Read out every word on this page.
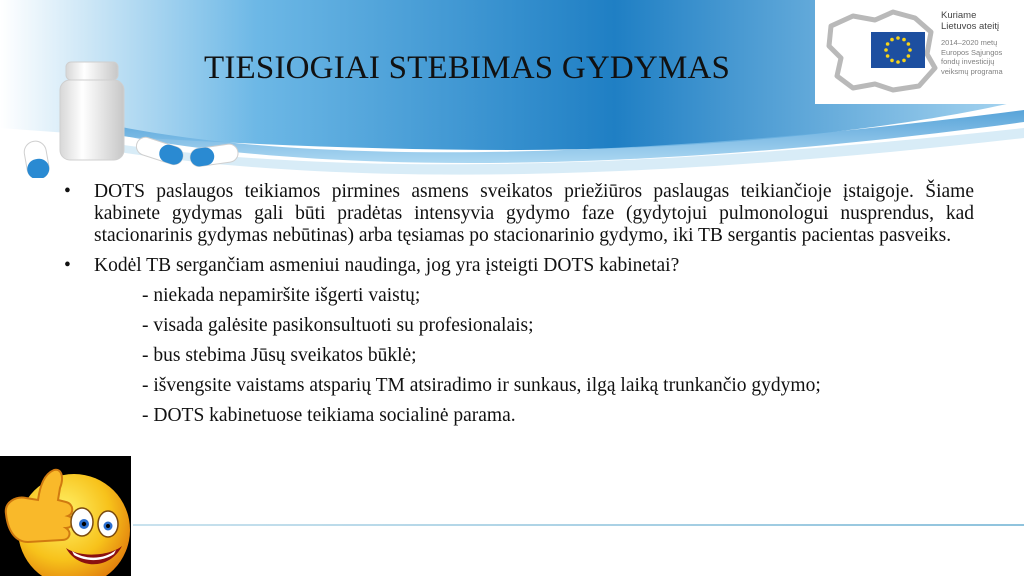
TIESIOGIAI STEBIMAS GYDYMAS
Kuriame
Lietuvos ateitį
2014–2020 metų
Europos Sąjungos
fondų investicijų
veiksmų programa
• DOTS paslaugos teikiamos pirmines asmens sveikatos priežiūros paslaugas teikiančioje įstaigoje. Šiame kabinete gydymas gali būti pradėtas intensyvia gydymo faze (gydytojui pulmonologui nusprendus, kad stacionarinis gydymas nebūtinas) arba tęsiamas po stacionarinio gydymo, iki TB sergantis pacientas pasveiks.
• Kodėl TB sergančiam asmeniui naudinga, jog yra įsteigti DOTS kabinetai?
- niekada nepamiršite išgerti vaistų;
- visada galėsite pasikonsultuoti su profesionalais;
- bus stebima Jūsų sveikatos būklė;
- išvengsite vaistams atsparių TM atsiradimo ir sunkaus, ilgą laiką trunkančio gydymo;
- DOTS kabinetuose teikiama socialinė parama.
